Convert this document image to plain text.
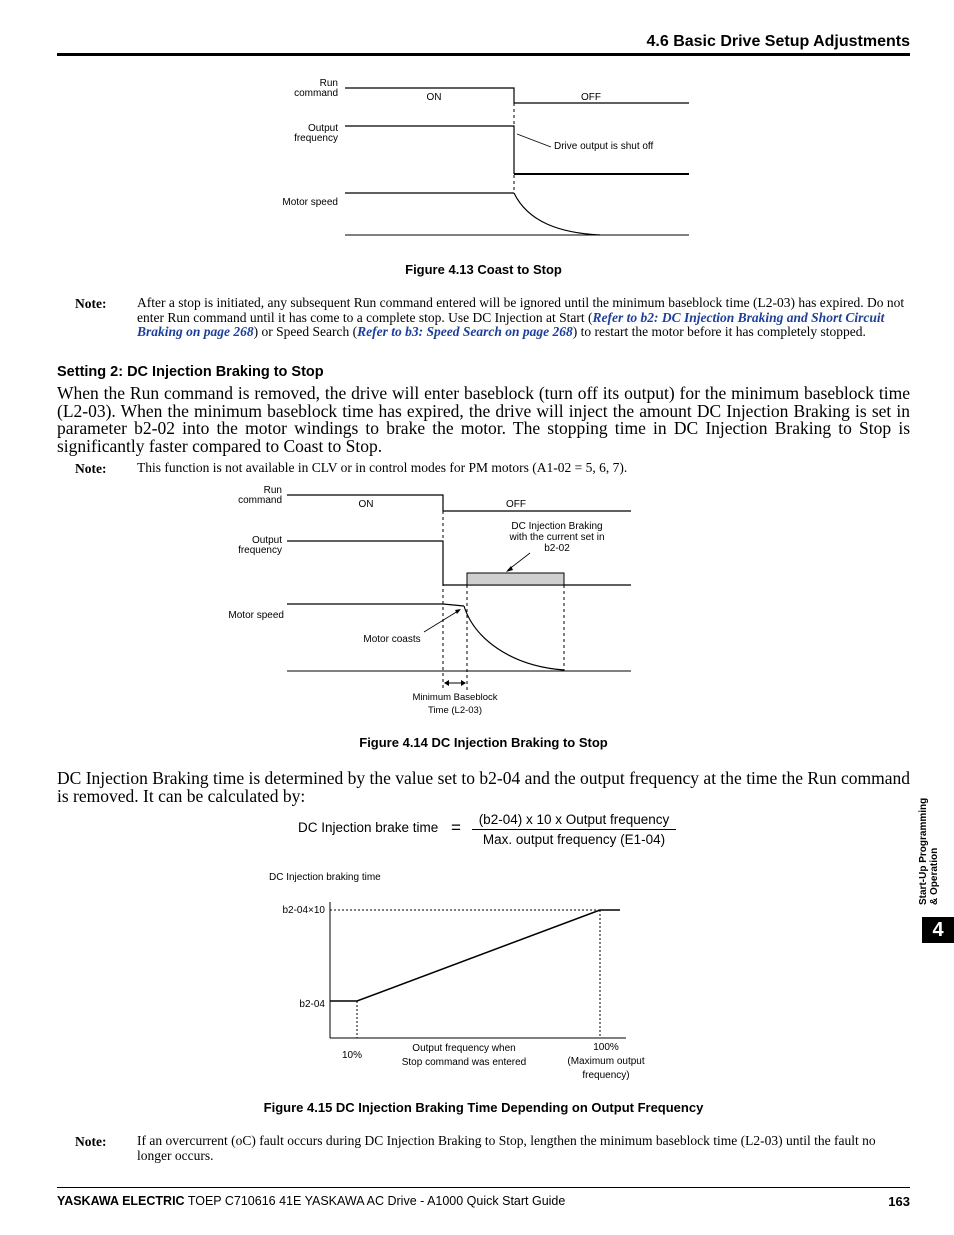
4.6 Basic Drive Setup Adjustments
Run
command	ON	OFF
Output
frequency
Drive output is shut off
Motor speed
Figure 4.13 Coast to Stop
Note: After a stop is initiated, any subsequent Run command entered will be ignored until the minimum baseblock time (L2-03) has expired. Do not enter Run command until it has come to a complete stop. Use DC Injection at Start (Refer to b2: DC Injection Braking and Short Circuit Braking on page 268) or Speed Search (Refer to b3: Speed Search on page 268) to restart the motor before it has completely stopped.
Setting 2: DC Injection Braking to Stop
When the Run command is removed, the drive will enter baseblock (turn off its output) for the minimum baseblock time (L2-03). When the minimum baseblock time has expired, the drive will inject the amount DC Injection Braking is set in parameter b2-02 into the motor windings to brake the motor. The stopping time in DC Injection Braking to Stop is significantly faster compared to Coast to Stop.
Note: This function is not available in CLV or in control modes for PM motors (A1-02 = 5, 6, 7).
Run
command	ON	OFF
DC Injection Braking
with the current set in
b2-02
Output
frequency
Motor speed
Motor coasts
Minimum Baseblock
Time (L2-03)
Figure 4.14 DC Injection Braking to Stop
DC Injection Braking time is determined by the value set to b2-04 and the output frequency at the time the Run command is removed. It can be calculated by:
DC Injection brake time =	(b2-04) x 10 x Output frequency
Max. output frequency (E1-04)
DC Injection braking time
b2-04×10
b2-04
10%
Output frequency when
Stop command was entered
100%
(Maximum output
frequency)
Figure 4.15 DC Injection Braking Time Depending on Output Frequency
Note: If an overcurrent (oC) fault occurs during DC Injection Braking to Stop, lengthen the minimum baseblock time (L2-03) until the fault no longer occurs.
Start-Up Programming & Operation
4
YASKAWA ELECTRIC TOEP C710616 41E YASKAWA AC Drive - A1000 Quick Start Guide	163
